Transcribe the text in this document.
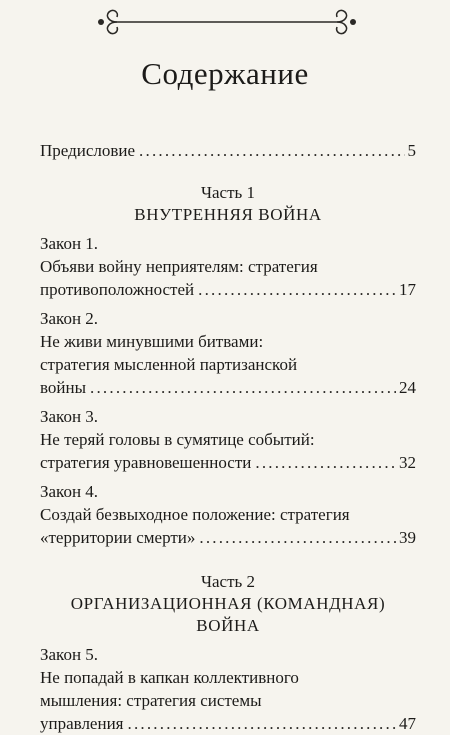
Содержание
Предисловие .....	5
Часть 1
ВНУТРЕННЯЯ ВОЙНА
Закон 1.
Объяви войну неприятелям: стратегия
противоположностей .....	17
Закон 2.
Не живи минувшими битвами:
стратегия мысленной партизанской
войны .....	24
Закон 3.
Не теряй головы в сумятице событий:
стратегия уравновешенности .....	32
Закон 4.
Создай безвыходное положение: стратегия
«территории смерти» .....	39
Часть 2
ОРГАНИЗАЦИОННАЯ (КОМАНДНАЯ)
ВОЙНА
Закон 5.
Не попадай в капкан коллективного
мышления: стратегия системы
управления .....	47
